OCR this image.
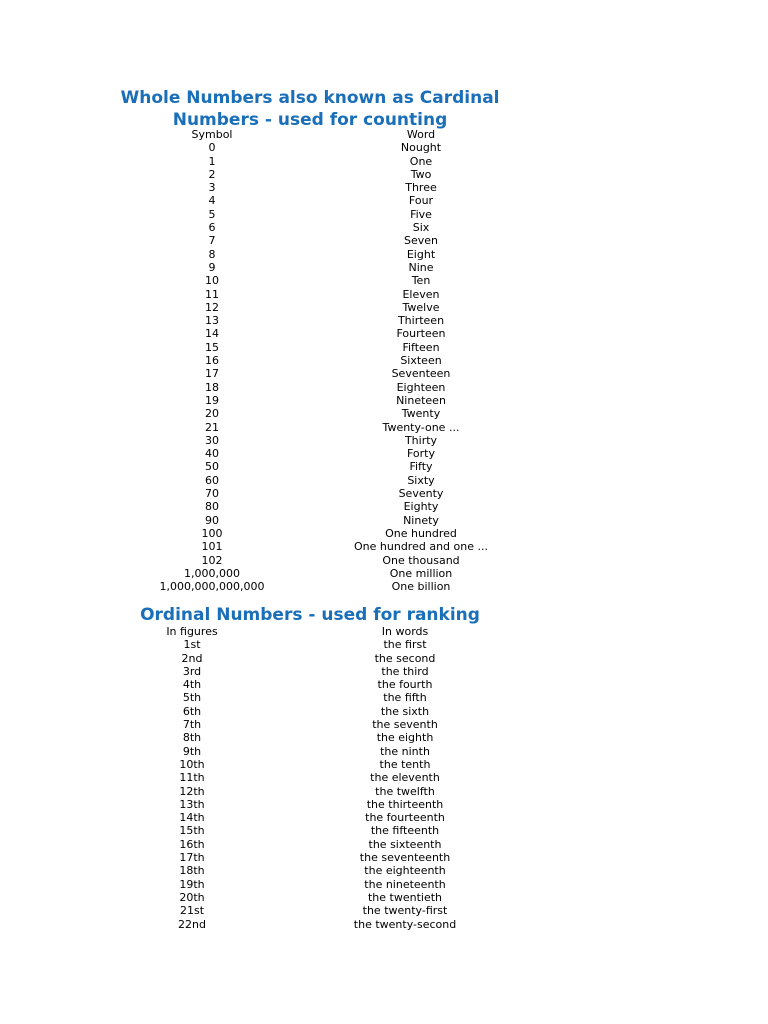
Whole Numbers also known as Cardinal
Numbers - used for counting
Symbol	Word
0	Nought
1	One
2	Two
3	Three
4	Four
5	Five
6	Six
7	Seven
8	Eight
9	Nine
10	Ten
11	Eleven
12	Twelve
13	Thirteen
14	Fourteen
15	Fifteen
16	Sixteen
17	Seventeen
18	Eighteen
19	Nineteen
20	Twenty
21	Twenty-one ...
30	Thirty
40	Forty
50	Fifty
60	Sixty
70	Seventy
80	Eighty
90	Ninety
100	One hundred
101	One hundred and one ...
102	One thousand
1,000,000	One million
1,000,000,000,000	One billion
Ordinal Numbers - used for ranking
In figures	In words
1st	the first
2nd	the second
3rd	the third
4th	the fourth
5th	the fifth
6th	the sixth
7th	the seventh
8th	the eighth
9th	the ninth
10th	the tenth
11th	the eleventh
12th	the twelfth
13th	the thirteenth
14th	the fourteenth
15th	the fifteenth
16th	the sixteenth
17th	the seventeenth
18th	the eighteenth
19th	the nineteenth
20th	the twentieth
21st	the twenty-first
22nd	the twenty-second
